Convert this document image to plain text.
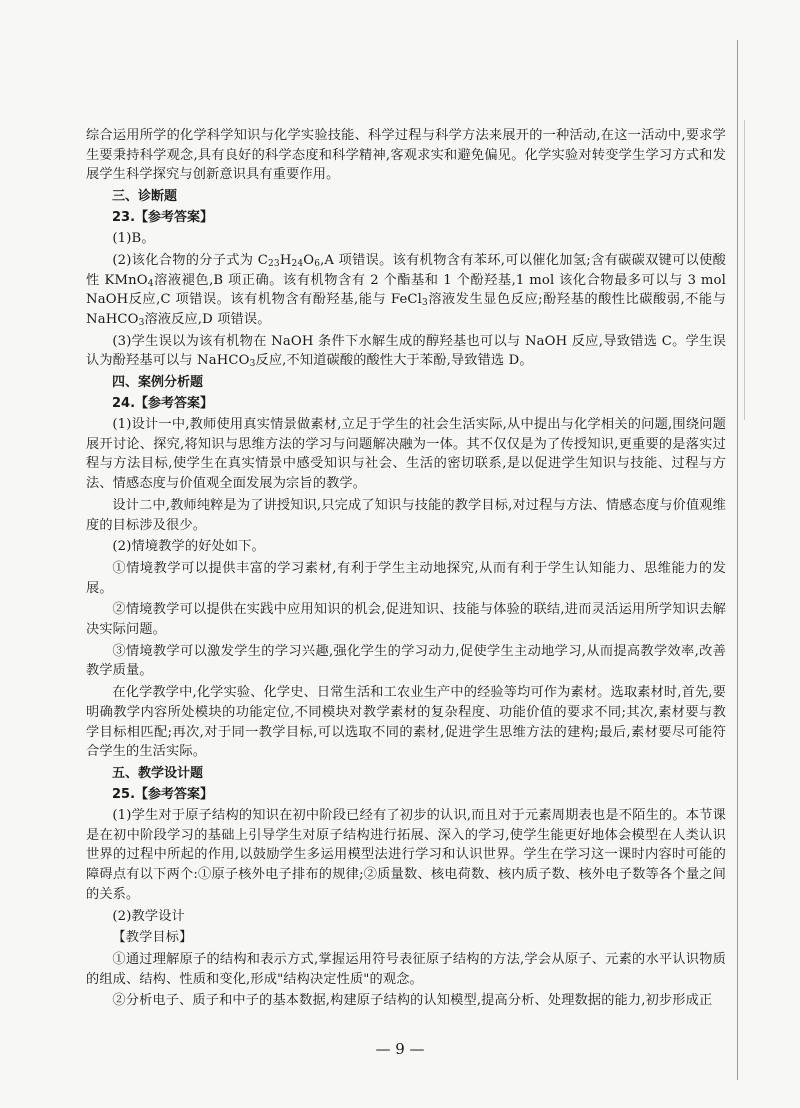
综合运用所学的化学科学知识与化学实验技能、科学过程与科学方法来展开的一种活动,在这一活动中,要求学生要秉持科学观念,具有良好的科学态度和科学精神,客观求实和避免偏见。化学实验对转变学生学习方式和发展学生科学探究与创新意识具有重要作用。

三、诊断题

23.【参考答案】

(1)B。

(2)该化合物的分子式为 $C_{23}H_{24}O_6,A$ 项错误。该有机物含有苯环,可以催化加氢;含有碳碳双键可以使酸性 KMnO$_4$溶液褪色,B 项正确。该有机物含有 2 个酯基和 1 个酚羟基,1 mol 该化合物最多可以与 3 mol NaOH反应,C 项错误。该有机物含有酚羟基,能与 FeCl$_3$溶液发生显色反应;酚羟基的酸性比碳酸弱,不能与 NaHCO$_3$溶液反应,D 项错误。

(3)学生误以为该有机物在 NaOH 条件下水解生成的醇羟基也可以与 NaOH 反应,导致错选 C。学生误认为酚羟基可以与 NaHCO$_3$反应,不知道碳酸的酸性大于苯酚,导致错选 D。

四、案例分析题

24.【参考答案】

(1)设计一中,教师使用真实情景做素材,立足于学生的社会生活实际,从中提出与化学相关的问题,围绕问题展开讨论、探究,将知识与思维方法的学习与问题解决融为一体。其不仅仅是为了传授知识,更重要的是落实过程与方法目标,使学生在真实情景中感受知识与社会、生活的密切联系,是以促进学生知识与技能、过程与方法、情感态度与价值观全面发展为宗旨的教学。

设计二中,教师纯粹是为了讲授知识,只完成了知识与技能的教学目标,对过程与方法、情感态度与价值观维度的目标涉及很少。

(2)情境教学的好处如下。

①情境教学可以提供丰富的学习素材,有利于学生主动地探究,从而有利于学生认知能力、思维能力的发展。

②情境教学可以提供在实践中应用知识的机会,促进知识、技能与体验的联结,进而灵活运用所学知识去解决实际问题。

③情境教学可以激发学生的学习兴趣,强化学生的学习动力,促使学生主动地学习,从而提高教学效率,改善教学质量。

在化学教学中,化学实验、化学史、日常生活和工农业生产中的经验等均可作为素材。选取素材时,首先,要明确教学内容所处模块的功能定位,不同模块对教学素材的复杂程度、功能价值的要求不同;其次,素材要与教学目标相匹配;再次,对于同一教学目标,可以选取不同的素材,促进学生思维方法的建构;最后,素材要尽可能符合学生的生活实际。

五、教学设计题

25.【参考答案】

(1)学生对于原子结构的知识在初中阶段已经有了初步的认识,而且对于元素周期表也是不陌生的。本节课是在初中阶段学习的基础上引导学生对原子结构进行拓展、深入的学习,使学生能更好地体会模型在人类认识世界的过程中所起的作用,以鼓励学生多运用模型法进行学习和认识世界。学生在学习这一课时内容时可能的障碍点有以下两个:①原子核外电子排布的规律;②质量数、核电荷数、核内质子数、核外电子数等各个量之间的关系。

(2)教学设计

【教学目标】

①通过理解原子的结构和表示方式,掌握运用符号表征原子结构的方法,学会从原子、元素的水平认识物质的组成、结构、性质和变化,形成"结构决定性质"的观念。

②分析电子、质子和中子的基本数据,构建原子结构的认知模型,提高分析、处理数据的能力,初步形成正

— 9 —
